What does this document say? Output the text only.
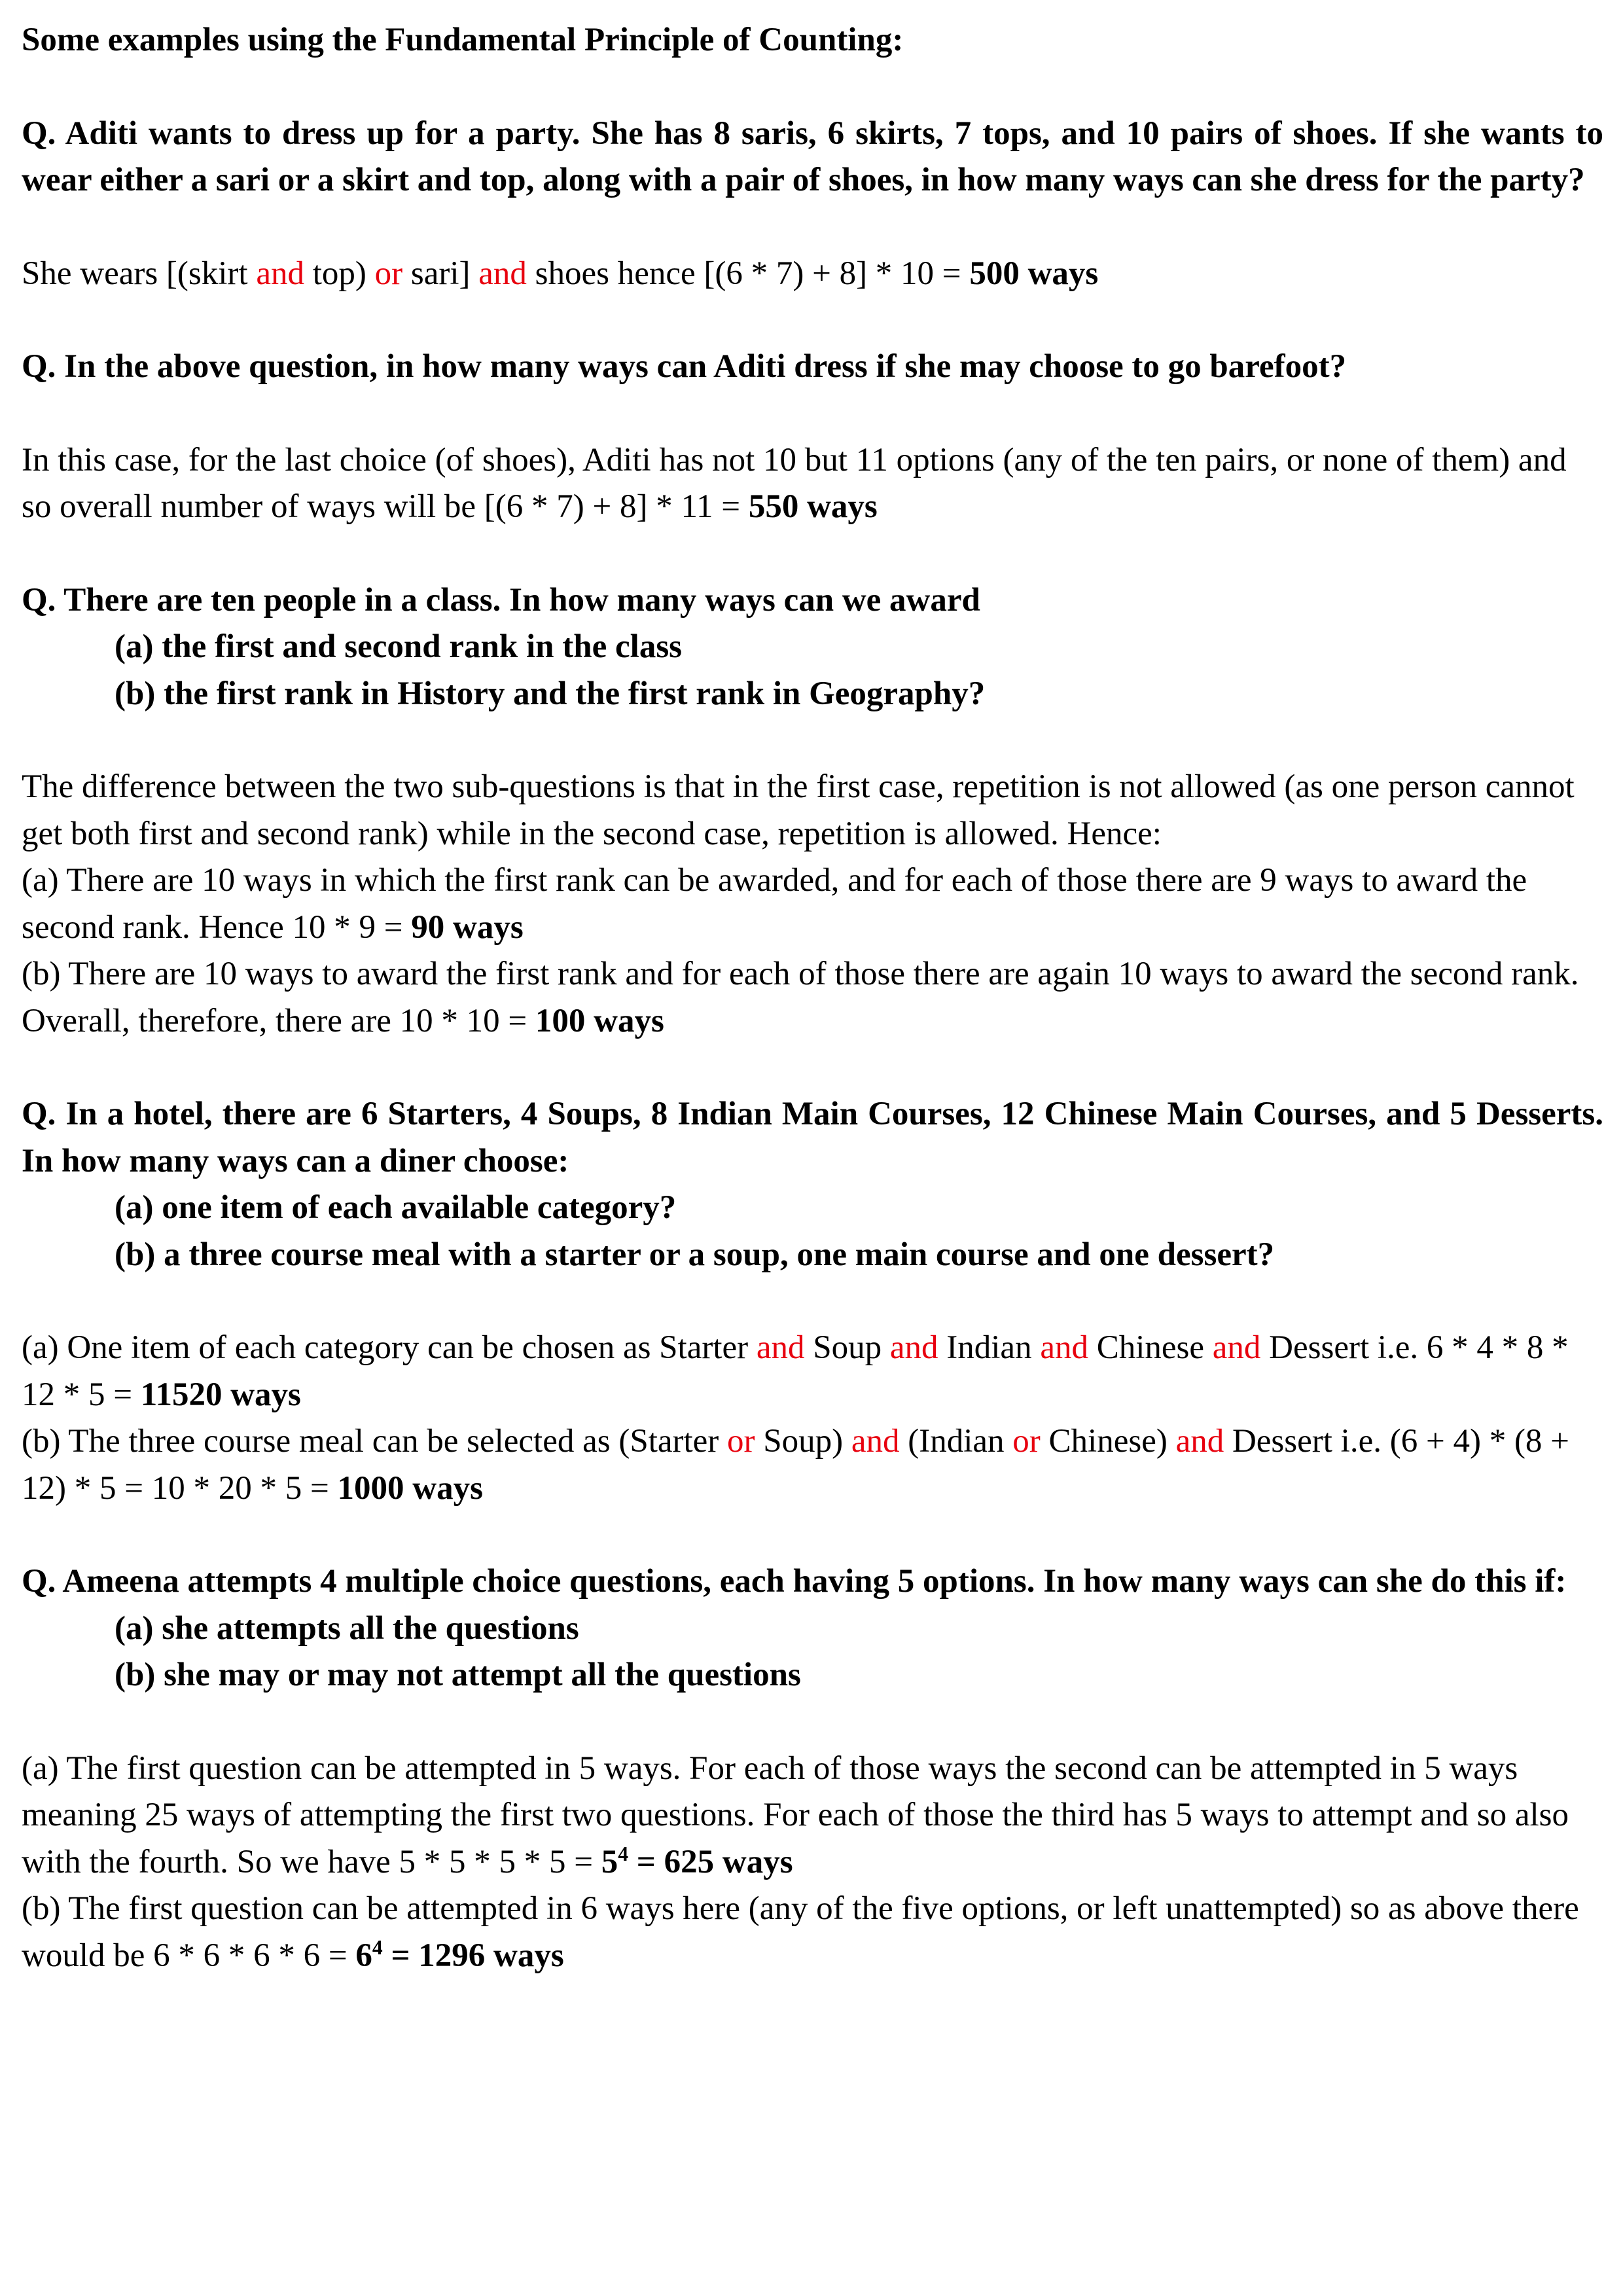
Some examples using the Fundamental Principle of Counting:
Q. Aditi wants to dress up for a party. She has 8 saris, 6 skirts, 7 tops, and 10 pairs of shoes. If she wants to wear either a sari or a skirt and top, along with a pair of shoes, in how many ways can she dress for the party?
She wears [(skirt and top) or sari] and shoes hence [(6 * 7) + 8] * 10 = 500 ways
Q. In the above question, in how many ways can Aditi dress if she may choose to go barefoot?
In this case, for the last choice (of shoes), Aditi has not 10 but 11 options (any of the ten pairs, or none of them) and so overall number of ways will be [(6 * 7) + 8] * 11 = 550 ways
Q. There are ten people in a class. In how many ways can we award
(a) the first and second rank in the class
(b) the first rank in History and the first rank in Geography?
The difference between the two sub-questions is that in the first case, repetition is not allowed (as one person cannot get both first and second rank) while in the second case, repetition is allowed. Hence:
(a) There are 10 ways in which the first rank can be awarded, and for each of those there are 9 ways to award the second rank. Hence 10 * 9 = 90 ways
(b) There are 10 ways to award the first rank and for each of those there are again 10 ways to award the second rank. Overall, therefore, there are 10 * 10 = 100 ways
Q. In a hotel, there are 6 Starters, 4 Soups, 8 Indian Main Courses, 12 Chinese Main Courses, and 5 Desserts. In how many ways can a diner choose:
(a) one item of each available category?
(b) a three course meal with a starter or a soup, one main course and one dessert?
(a) One item of each category can be chosen as Starter and Soup and Indian and Chinese and Dessert i.e. 6 * 4 * 8 * 12 * 5 = 11520 ways
(b) The three course meal can be selected as (Starter or Soup) and (Indian or Chinese) and Dessert i.e. (6 + 4) * (8 + 12) * 5 = 10 * 20 * 5 = 1000 ways
Q. Ameena attempts 4 multiple choice questions, each having 5 options. In how many ways can she do this if:
(a) she attempts all the questions
(b) she may or may not attempt all the questions
(a) The first question can be attempted in 5 ways. For each of those ways the second can be attempted in 5 ways meaning 25 ways of attempting the first two questions. For each of those the third has 5 ways to attempt and so also with the fourth. So we have $5 * 5 * 5 * 5 = 5^4 = 625$ ways
(b) The first question can be attempted in 6 ways here (any of the five options, or left unattempted) so as above there would be $6 * 6 * 6 * 6 = 6^4 = 1296$ ways
